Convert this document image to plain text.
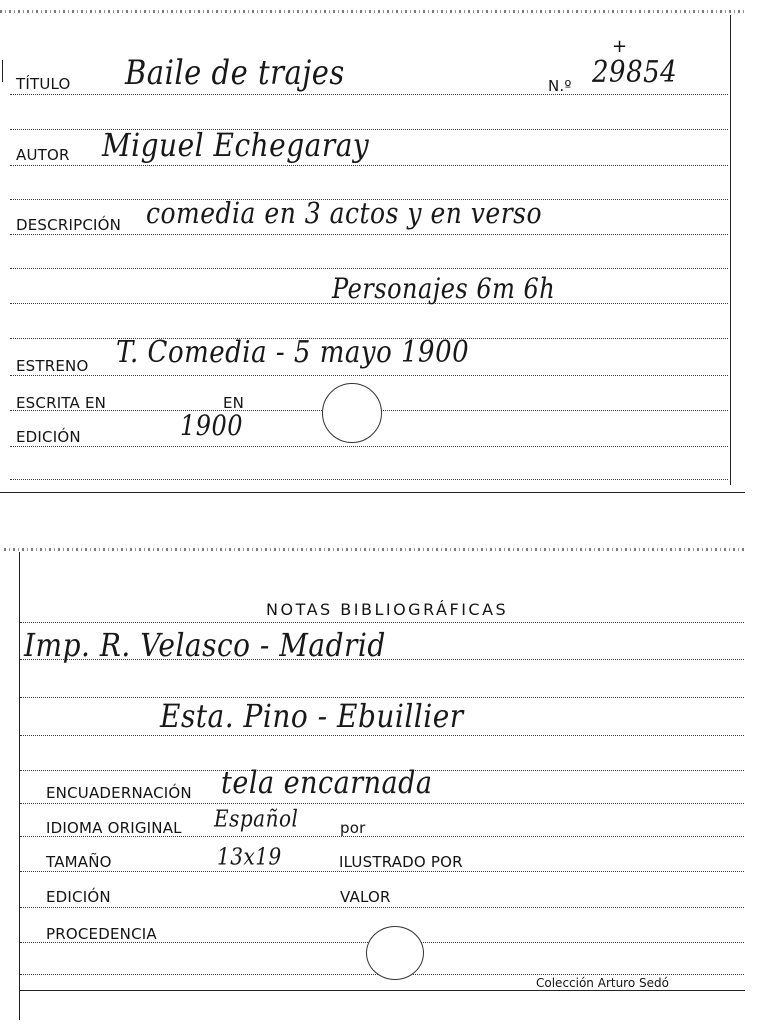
TÍTULO Baile de trajes	N.º 29854
+
AUTOR Miguel Echegaray
DESCRIPCIÓN comedia en 3 actos y en verso
Personajes 6m 6h
ESTRENO T. Comedia - 5 mayo 1900
ESCRITA EN	EN
EDICIÓN	1900
NOTAS BIBLIOGRÁFICAS
Imp. R. Velasco - Madrid
Esta. Pino - Ebuillier
ENCUADERNACIÓN tela encarnada
IDIOMA ORIGINAL Español	por
TAMAÑO	13x19	ILUSTRADO POR
EDICIÓN	VALOR
PROCEDENCIA
Colección Arturo Sedó
